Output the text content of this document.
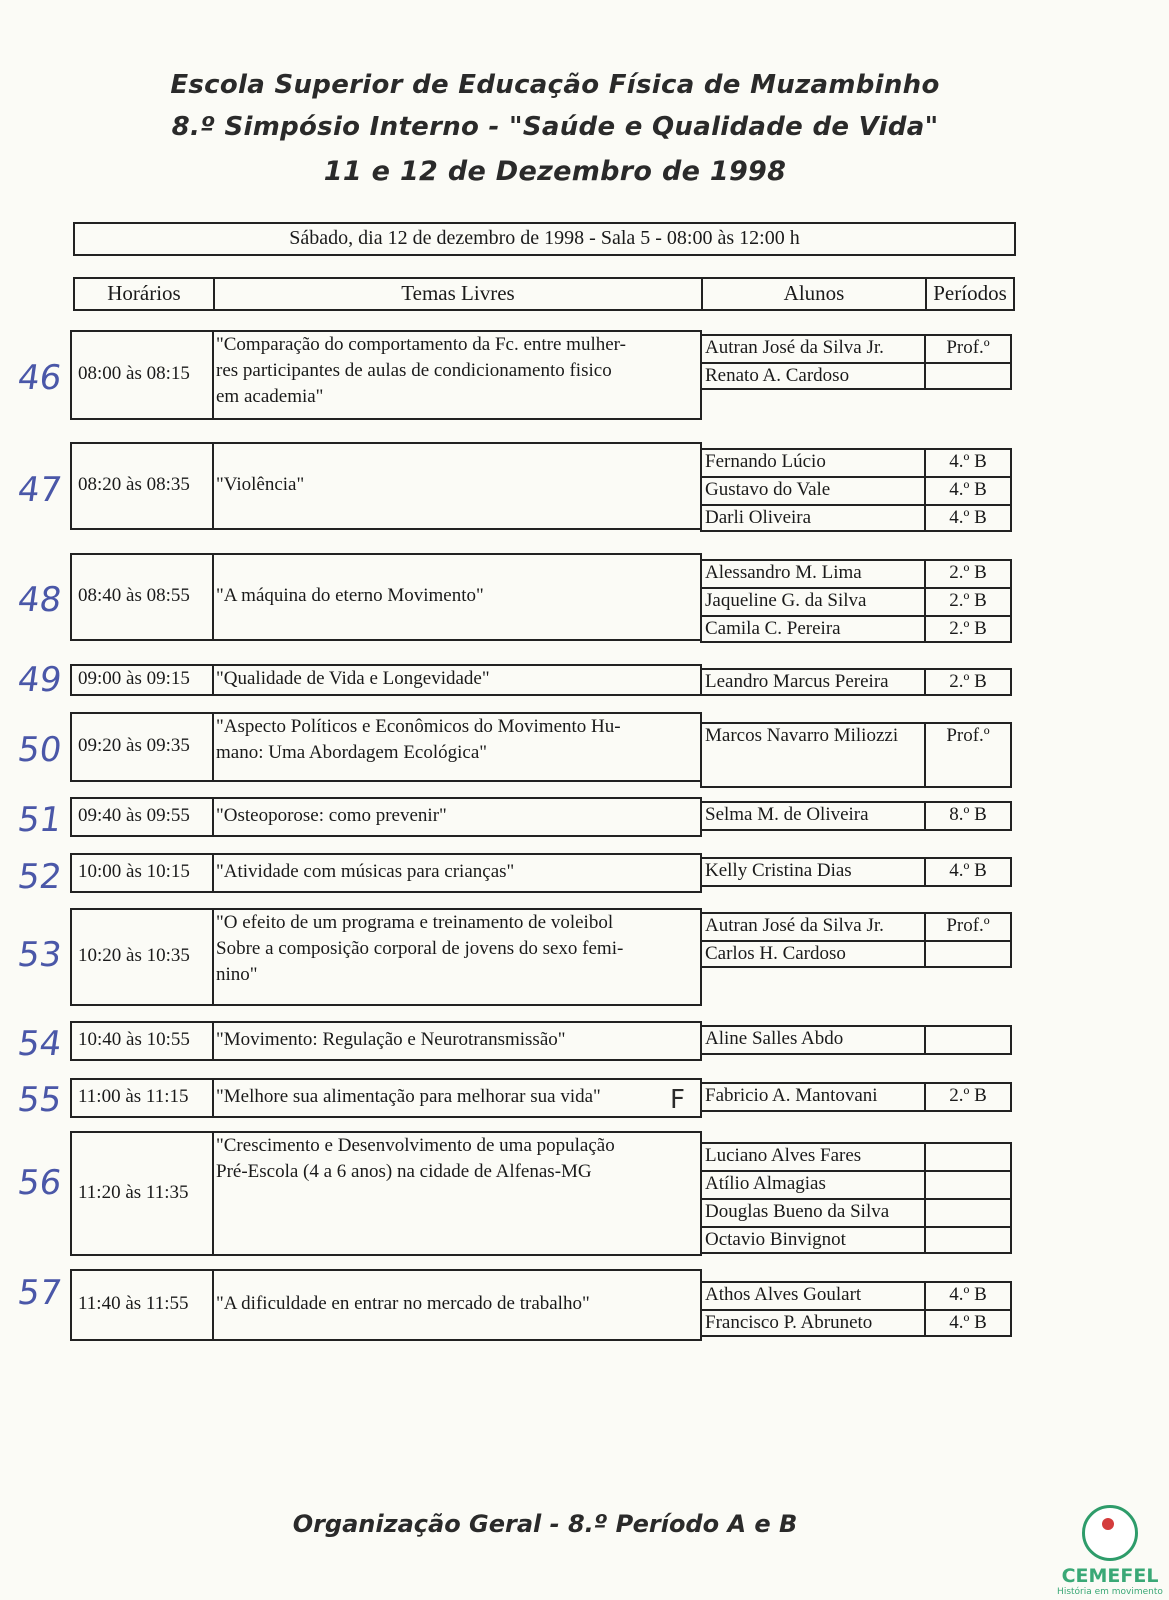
Escola Superior de Educação Física de Muzambinho
8.º Simpósio Interno - "Saúde e Qualidade de Vida"
11 e 12 de Dezembro de 1998
Sábado, dia 12 de dezembro de 1998 - Sala 5 - 08:00 às 12:00 h
Horários	Temas Livres	Alunos	Períodos
46 08:00 às 08:15
"Comparação do comportamento da Fc. entre mulher-
res participantes de aulas de condicionamento fisico
em academia"
Autran José da Silva Jr.	Prof.º
Renato A. Cardoso
47 08:20 às 08:35	"Violência"
Fernando Lúcio	4.º B
Gustavo do Vale	4.º B
Darli Oliveira	4.º B
48 08:40 às 08:55	"A máquina do eterno Movimento"
Alessandro M. Lima	2.º B
Jaqueline G. da Silva	2.º B
Camila C. Pereira	2.º B
49 09:00 às 09:15	"Qualidade de Vida e Longevidade"	Leandro Marcus Pereira	2.º B
50 09:20 às 09:35
"Aspecto Políticos e Econômicos do Movimento Hu-
mano: Uma Abordagem Ecológica"
Marcos Navarro Miliozzi	Prof.º
51 09:40 às 09:55	"Osteoporose: como prevenir"	Selma M. de Oliveira	8.º B
52 10:00 às 10:15	"Atividade com músicas para crianças"	Kelly Cristina Dias	4.º B
53 10:20 às 10:35
"O efeito de um programa e treinamento de voleibol
Sobre a composição corporal de jovens do sexo femi-
nino"
Autran José da Silva Jr.	Prof.º
Carlos H. Cardoso
54 10:40 às 10:55	"Movimento: Regulação e Neurotransmissão"	Aline Salles Abdo
55 11:00 às 11:15	"Melhore sua alimentação para melhorar sua vida"	Fabricio A. Mantovani	2.º B
56 11:20 às 11:35
"Crescimento e Desenvolvimento de uma população
Pré-Escola (4 a 6 anos) na cidade de Alfenas-MG
Luciano Alves Fares
Atílio Almagias
Douglas Bueno da Silva
Octavio Binvignot
57 11:40 às 11:55	"A dificuldade en entrar no mercado de trabalho"	Athos Alves Goulart	4.º B
Francisco P. Abruneto	4.º B
F
Organização Geral - 8.º Período A e B
CEMEFEL
História em movimento
